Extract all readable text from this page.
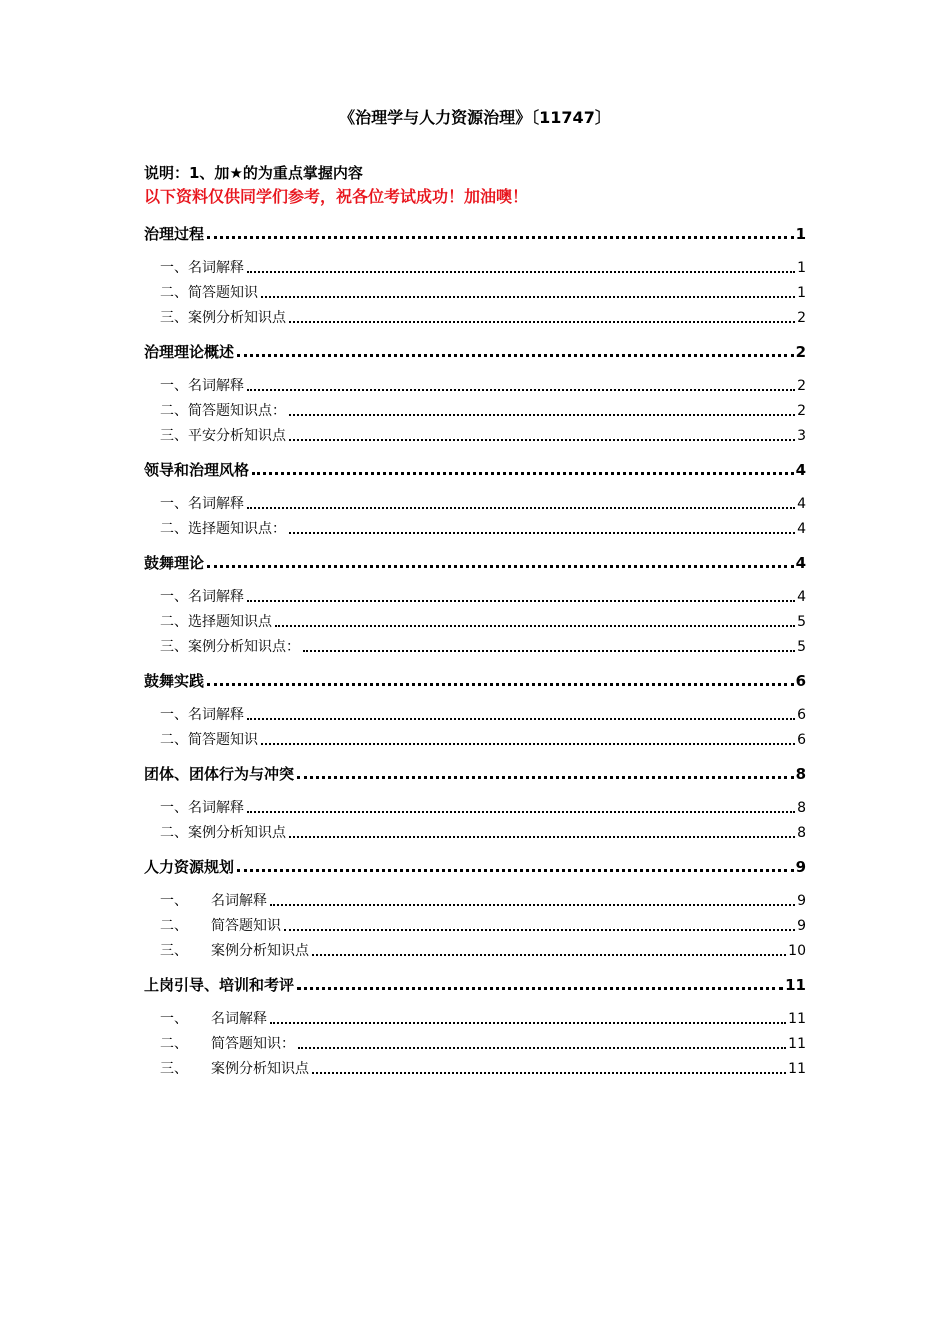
《治理学与人力资源治理》〔11747〕
说明：1、加★的为重点掌握内容
以下资料仅供同学们参考，祝各位考试成功！加油噢！
治理过程	1
一、 名词解释	1
二、 简答题知识	1
三、 案例分析知识点	2
治理理论概述	2
一、 名词解释	2
二、 简答题知识点：	2
三、 平安分析知识点	3
领导和治理风格	4
一、 名词解释	4
二、 选择题知识点：	4
鼓舞理论	4
一、 名词解释	4
二、 选择题知识点	5
三、 案例分析知识点：	5
鼓舞实践	6
一、 名词解释	6
二、 简答题知识	6
团体、团体行为与冲突	8
一、 名词解释	8
二、 案例分析知识点	8
人力资源规划	9
一、	名词解释	9
二、	简答题知识	9
三、	案例分析知识点	10
上岗引导、培训和考评	11
一、	名词解释	11
二、	简答题知识：	11
三、	案例分析知识点	11
